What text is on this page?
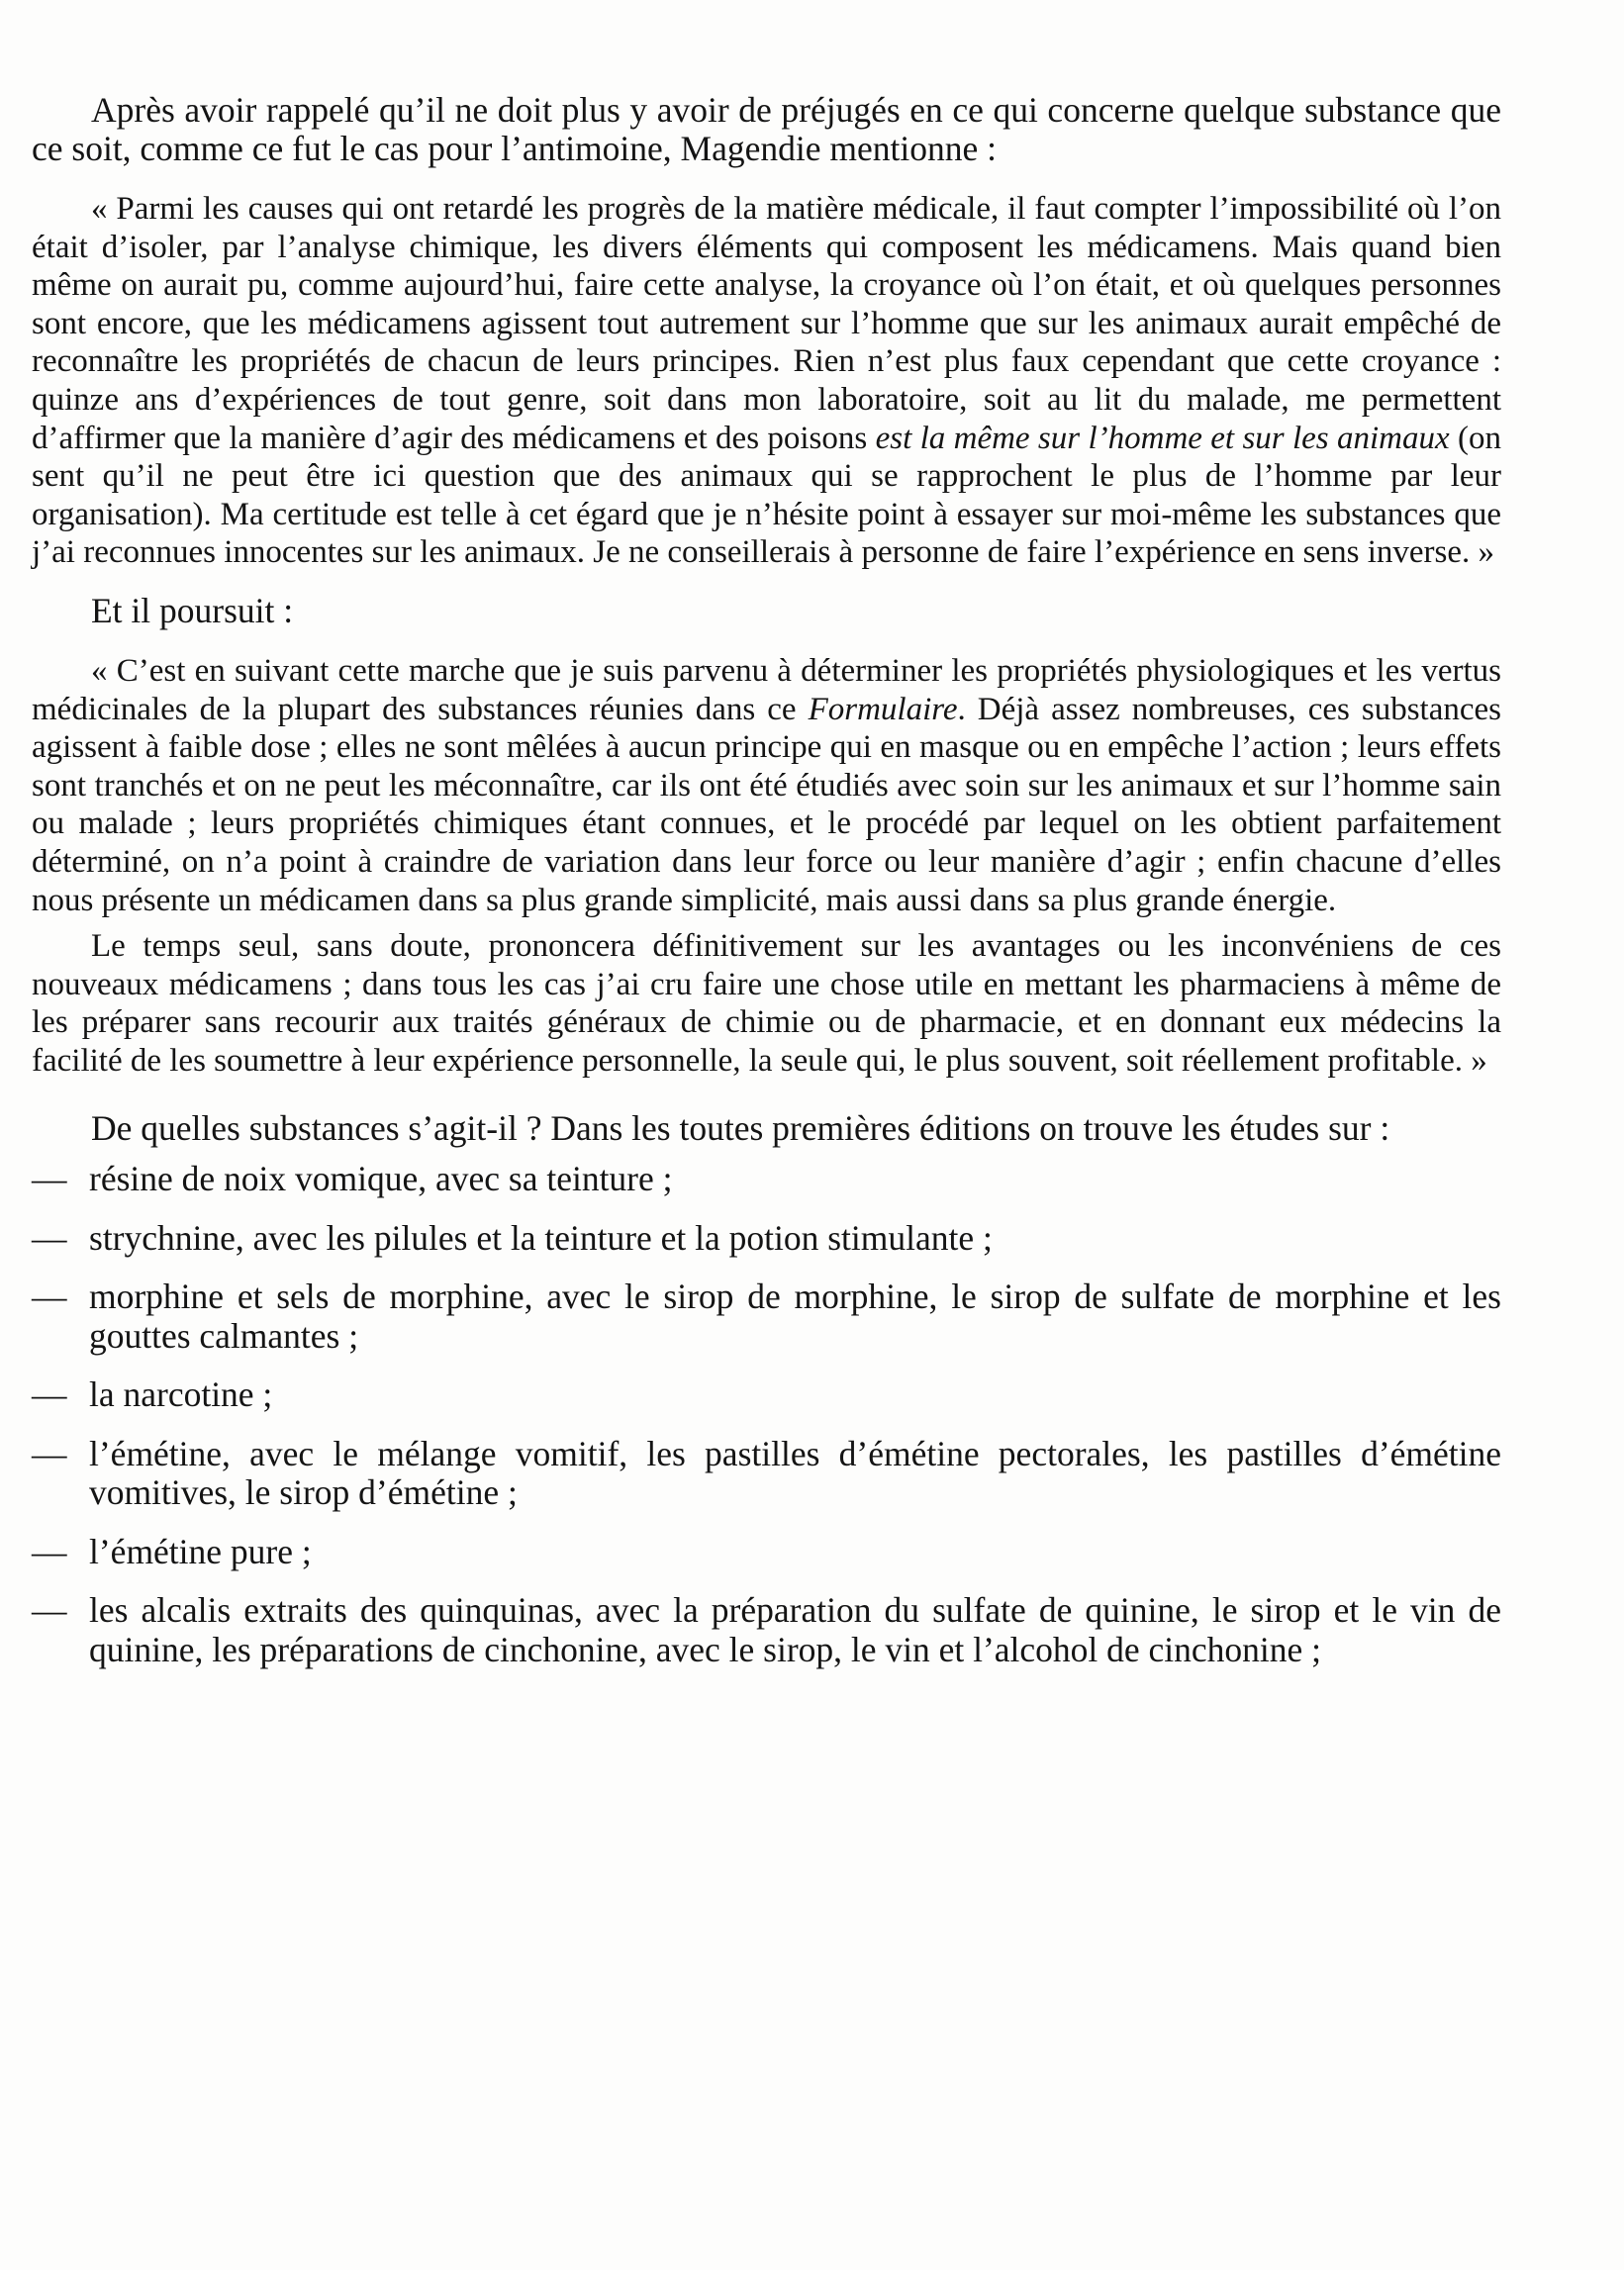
Après avoir rappelé qu’il ne doit plus y avoir de préjugés en ce qui concerne quelque substance que ce soit, comme ce fut le cas pour l’antimoine, Magendie mentionne :

« Parmi les causes qui ont retardé les progrès de la matière médicale, il faut compter l’impossibilité où l’on était d’isoler, par l’analyse chimique, les divers éléments qui composent les médicamens. Mais quand bien même on aurait pu, comme aujourd’hui, faire cette analyse, la croyance où l’on était, et où quelques personnes sont encore, que les médicamens agissent tout autrement sur l’homme que sur les animaux aurait empêché de reconnaître les propriétés de chacun de leurs principes. Rien n’est plus faux cependant que cette croyance : quinze ans d’expériences de tout genre, soit dans mon laboratoire, soit au lit du malade, me permettent d’affirmer que la manière d’agir des médicamens et des poisons est la même sur l’homme et sur les animaux (on sent qu’il ne peut être ici question que des animaux qui se rapprochent le plus de l’homme par leur organisation). Ma certitude est telle à cet égard que je n’hésite point à essayer sur moi-même les substances que j’ai reconnues innocentes sur les animaux. Je ne conseillerais à personne de faire l’expérience en sens inverse. »

Et il poursuit :

« C’est en suivant cette marche que je suis parvenu à déterminer les propriétés physiologiques et les vertus médicinales de la plupart des substances réunies dans ce Formulaire. Déjà assez nombreuses, ces substances agissent à faible dose ; elles ne sont mêlées à aucun principe qui en masque ou en empêche l’action ; leurs effets sont tranchés et on ne peut les méconnaître, car ils ont été étudiés avec soin sur les animaux et sur l’homme sain ou malade ; leurs propriétés chimiques étant connues, et le procédé par lequel on les obtient parfaitement déterminé, on n’a point à craindre de variation dans leur force ou leur manière d’agir ; enfin chacune d’elles nous présente un médicamen dans sa plus grande simplicité, mais aussi dans sa plus grande énergie.

Le temps seul, sans doute, prononcera définitivement sur les avantages ou les inconvéniens de ces nouveaux médicamens ; dans tous les cas j’ai cru faire une chose utile en mettant les pharmaciens à même de les préparer sans recourir aux traités généraux de chimie ou de pharmacie, et en donnant eux médecins la facilité de les soumettre à leur expérience personnelle, la seule qui, le plus souvent, soit réellement profitable. »

De quelles substances s’agit-il ? Dans les toutes premières éditions on trouve les études sur :

— résine de noix vomique, avec sa teinture ;
— strychnine, avec les pilules et la teinture et la potion stimulante ;
— morphine et sels de morphine, avec le sirop de morphine, le sirop de sulfate de morphine et les gouttes calmantes ;
— la narcotine ;
— l’émétine, avec le mélange vomitif, les pastilles d’émétine pectorales, les pastilles d’émétine vomitives, le sirop d’émétine ;
— l’émétine pure ;
— les alcalis extraits des quinquinas, avec la préparation du sulfate de quinine, le sirop et le vin de quinine, les préparations de cinchonine, avec le sirop, le vin et l’alcohol de cinchonine ;
